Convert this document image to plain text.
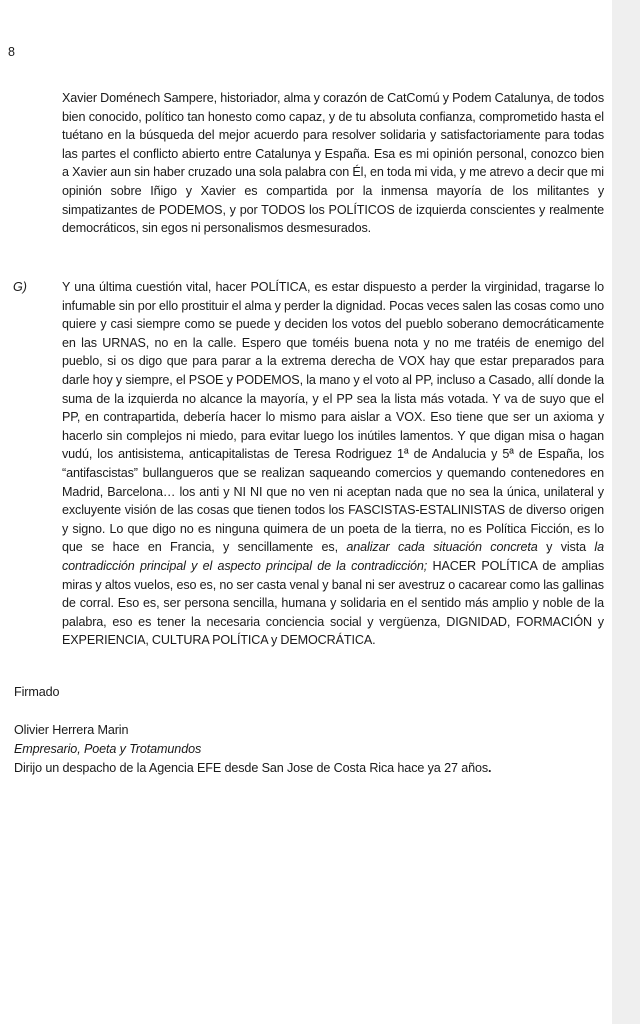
8
Xavier Doménech Sampere, historiador, alma y corazón de CatComú y Podem Catalunya, de todos bien conocido, político tan honesto como capaz, y de tu absoluta confianza, comprometido hasta el tuétano en la búsqueda del mejor acuerdo para resolver solidaria y satisfactoriamente para todas las partes el conflicto abierto entre Catalunya y España. Esa es mi opinión personal, conozco bien a Xavier aun sin haber cruzado una sola palabra con Él, en toda mi vida, y me atrevo a decir que mi opinión sobre Iñigo y Xavier es compartida por la inmensa mayoría de los militantes y simpatizantes de PODEMOS, y por TODOS los POLÍTICOS de izquierda conscientes y realmente democráticos, sin egos ni personalismos desmesurados.
G)	Y una última cuestión vital, hacer POLÍTICA, es estar dispuesto a perder la virginidad, tragarse lo infumable sin por ello prostituir el alma y perder la dignidad. Pocas veces salen las cosas como uno quiere y casi siempre como se puede y deciden los votos del pueblo soberano democráticamente en las URNAS, no en la calle. Espero que toméis buena nota y no me tratéis de enemigo del pueblo, si os digo que para parar a la extrema derecha de VOX hay que estar preparados para darle hoy y siempre, el PSOE y PODEMOS, la mano y el voto al PP, incluso a Casado, allí donde la suma de la izquierda no alcance la mayoría, y el PP sea la lista más votada. Y va de suyo que el PP, en contrapartida, debería hacer lo mismo para aislar a VOX. Eso tiene que ser un axioma y hacerlo sin complejos ni miedo, para evitar luego los inútiles lamentos. Y que digan misa o hagan vudú, los antisistema, anticapitalistas de Teresa Rodriguez 1ª de Andalucia y 5ª de España, los “antifascistas” bullangueros que se realizan saqueando comercios y quemando contenedores en Madrid, Barcelona… los anti y NI NI que no ven ni aceptan nada que no sea la única, unilateral y excluyente visión de las cosas que tienen todos los FASCISTAS-ESTALINISTAS de diverso origen y signo. Lo que digo no es ninguna quimera de un poeta de la tierra, no es Política Ficción, es lo que se hace en Francia, y sencillamente es, analizar cada situación concreta y vista la contradicción principal y el aspecto principal de la contradicción; HACER POLÍTICA de amplias miras y altos vuelos, eso es, no ser casta venal y banal ni ser avestruz o cacarear como las gallinas de corral. Eso es, ser persona sencilla, humana y solidaria en el sentido más amplio y noble de la palabra, eso es tener la necesaria conciencia social y vergüenza, DIGNIDAD, FORMACIÓN y EXPERIENCIA, CULTURA POLÍTICA y DEMOCRÁTICA.
Firmado
Olivier Herrera Marin
Empresario, Poeta y Trotamundos
Dirijo un despacho de la Agencia EFE desde San Jose de Costa Rica hace ya 27 años.
